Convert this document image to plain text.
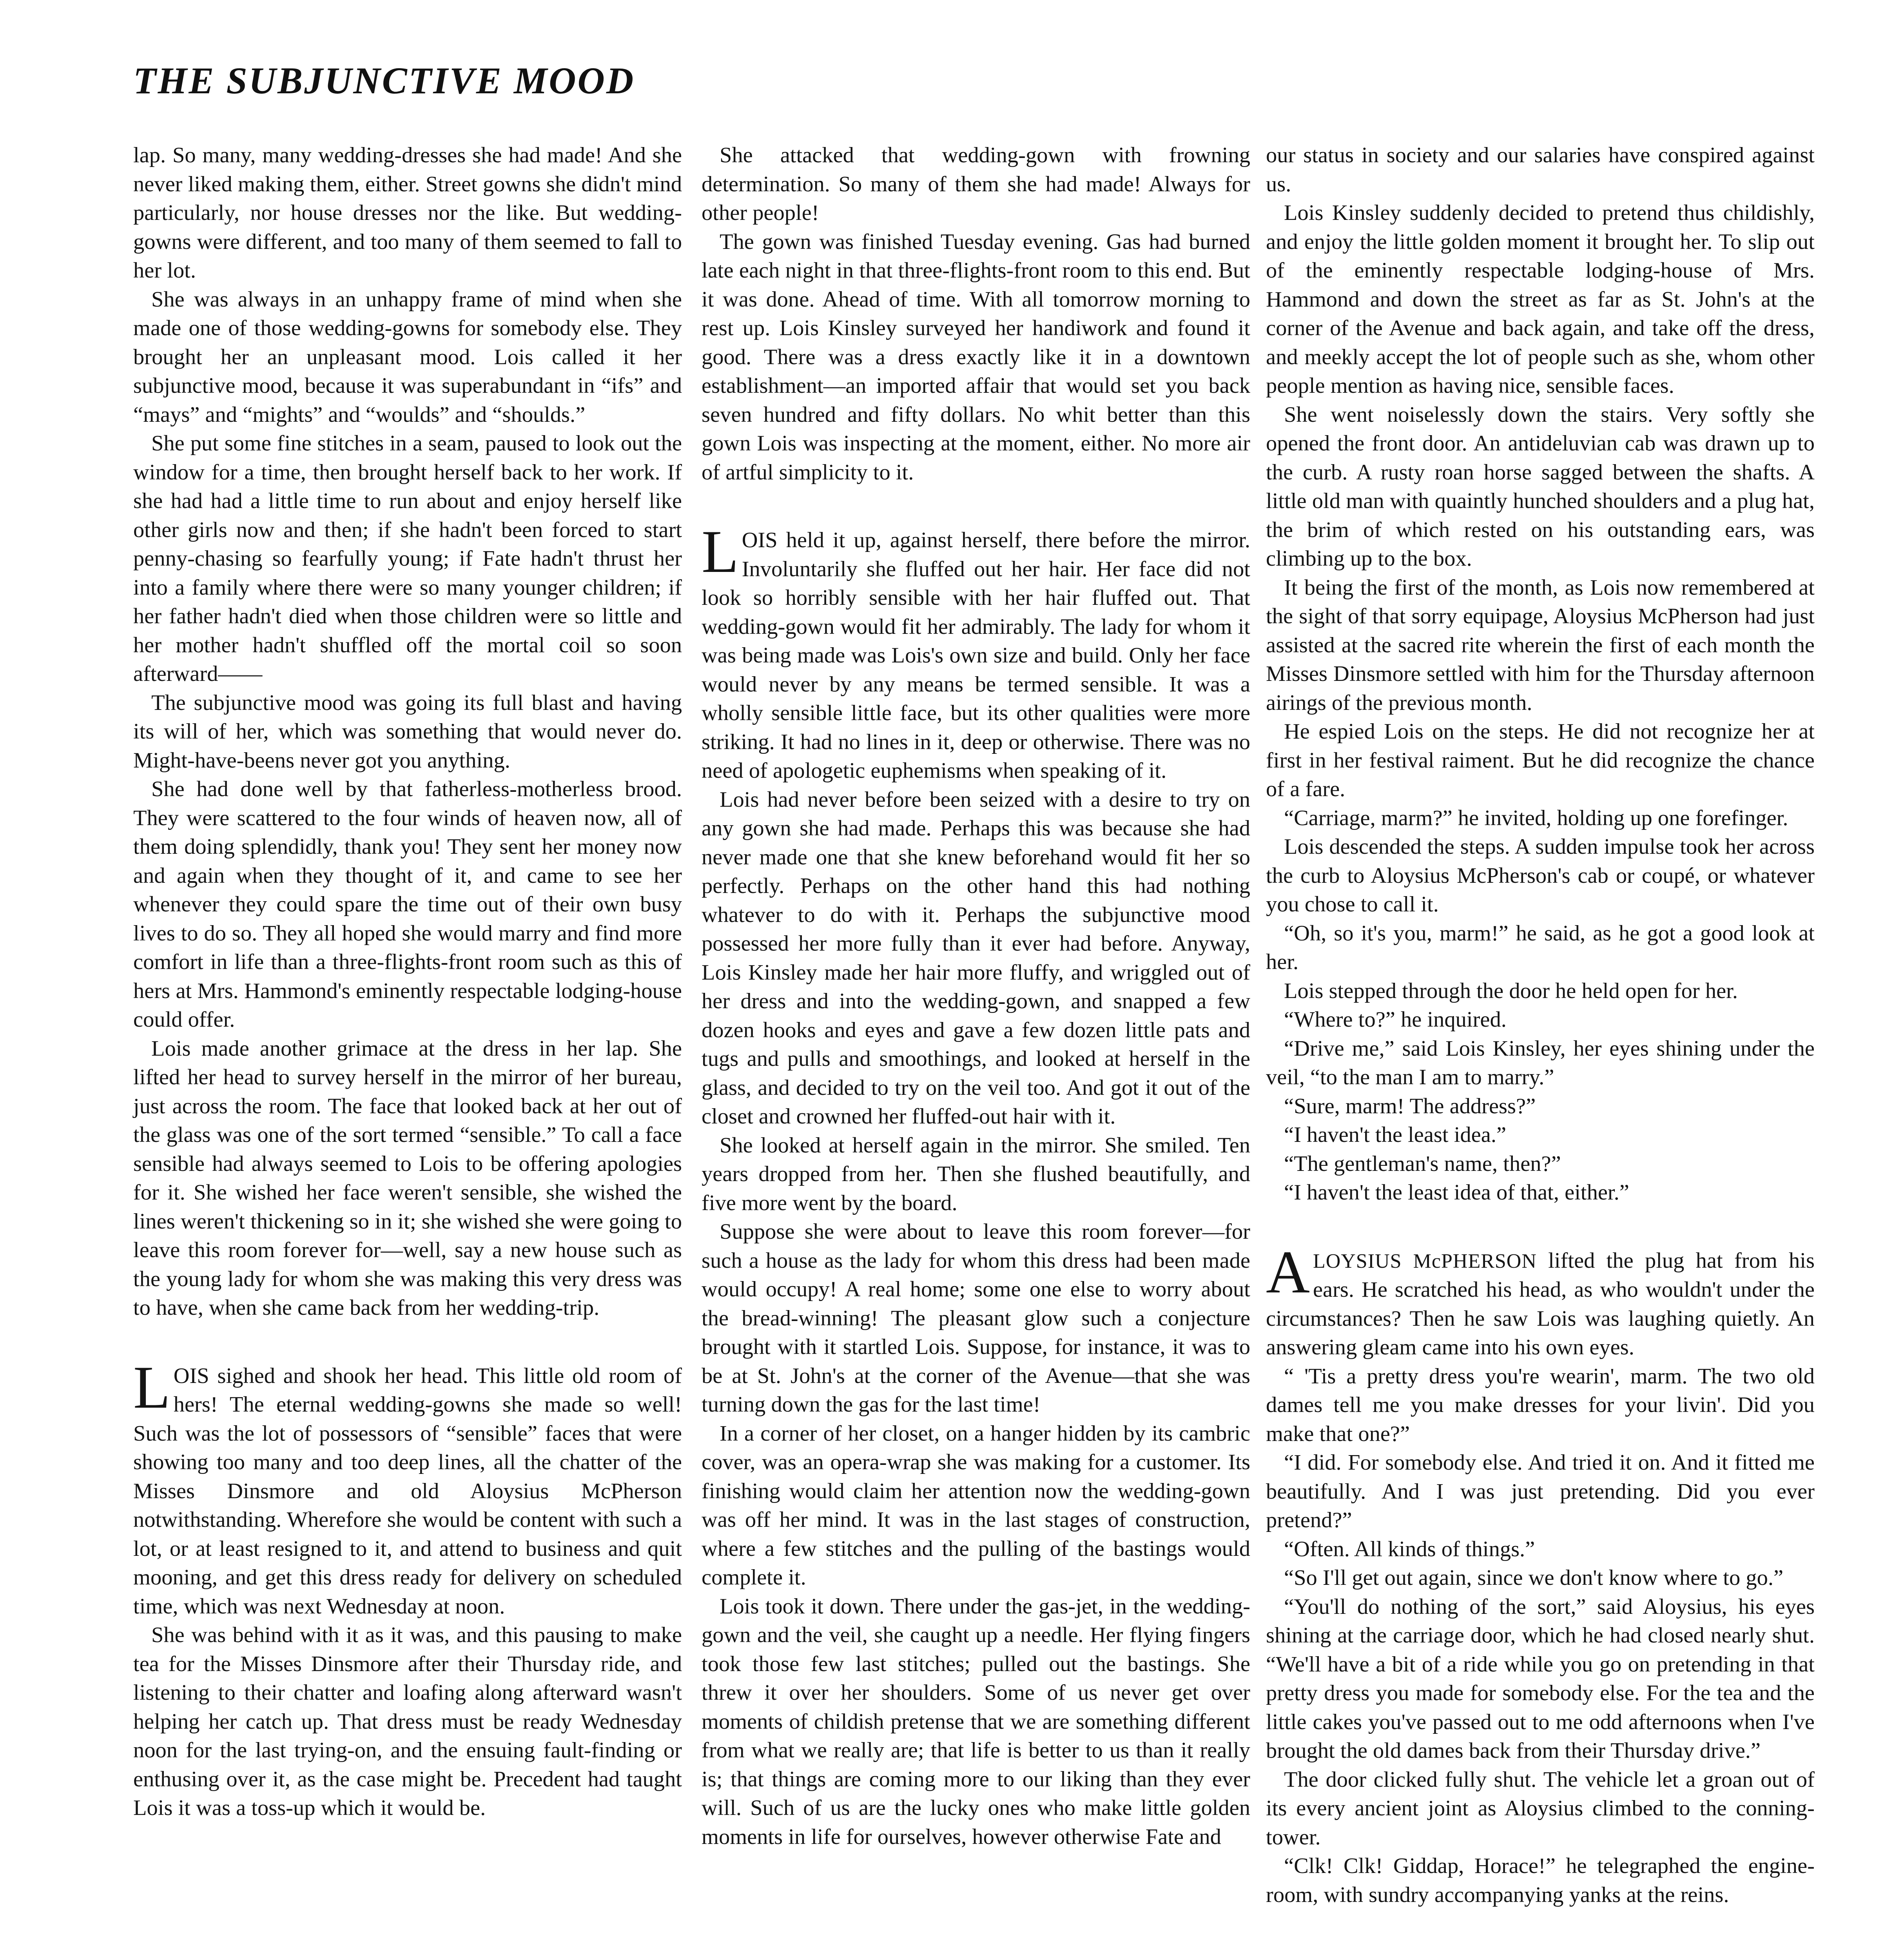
THE SUBJUNCTIVE MOOD

lap. So many, many wedding-dresses she had made! And she never liked making them, either. Street gowns she didn't mind particularly, nor house dresses nor the like. But wedding-gowns were different, and too many of them seemed to fall to her lot.

She was always in an unhappy frame of mind when she made one of those wedding-gowns for somebody else. They brought her an unpleasant mood. Lois called it her subjunctive mood, because it was superabundant in “ifs” and “mays” and “mights” and “woulds” and “shoulds.”

She put some fine stitches in a seam, paused to look out the window for a time, then brought herself back to her work. If she had had a little time to run about and enjoy herself like other girls now and then; if she hadn't been forced to start penny-chasing so fearfully young; if Fate hadn't thrust her into a family where there were so many younger children; if her father hadn't died when those children were so little and her mother hadn't shuffled off the mortal coil so soon afterward——

The subjunctive mood was going its full blast and having its will of her, which was something that would never do. Might-have-beens never got you anything.

She had done well by that fatherless-motherless brood. They were scattered to the four winds of heaven now, all of them doing splendidly, thank you! They sent her money now and again when they thought of it, and came to see her whenever they could spare the time out of their own busy lives to do so. They all hoped she would marry and find more comfort in life than a three-flights-front room such as this of hers at Mrs. Hammond's eminently respectable lodging-house could offer.

Lois made another grimace at the dress in her lap. She lifted her head to survey herself in the mirror of her bureau, just across the room. The face that looked back at her out of the glass was one of the sort termed “sensible.” To call a face sensible had always seemed to Lois to be offering apologies for it. She wished her face weren't sensible, she wished the lines weren't thickening so in it; she wished she were going to leave this room forever for—well, say a new house such as the young lady for whom she was making this very dress was to have, when she came back from her wedding-trip.

LOIS sighed and shook her head. This little old room of hers! The eternal wedding-gowns she made so well! Such was the lot of possessors of “sensible” faces that were showing too many and too deep lines, all the chatter of the Misses Dinsmore and old Aloysius McPherson notwithstanding. Wherefore she would be content with such a lot, or at least resigned to it, and attend to business and quit mooning, and get this dress ready for delivery on scheduled time, which was next Wednesday at noon.

She was behind with it as it was, and this pausing to make tea for the Misses Dinsmore after their Thursday ride, and listening to their chatter and loafing along afterward wasn't helping her catch up. That dress must be ready Wednesday noon for the last trying-on, and the ensuing fault-finding or enthusing over it, as the case might be. Precedent had taught Lois it was a toss-up which it would be.

She attacked that wedding-gown with frowning determination. So many of them she had made! Always for other people!

The gown was finished Tuesday evening. Gas had burned late each night in that three-flights-front room to this end. But it was done. Ahead of time. With all tomorrow morning to rest up. Lois Kinsley surveyed her handiwork and found it good. There was a dress exactly like it in a downtown establishment—an imported affair that would set you back seven hundred and fifty dollars. No whit better than this gown Lois was inspecting at the moment, either. No more air of artful simplicity to it.

LOIS held it up, against herself, there before the mirror. Involuntarily she fluffed out her hair. Her face did not look so horribly sensible with her hair fluffed out. That wedding-gown would fit her admirably. The lady for whom it was being made was Lois's own size and build. Only her face would never by any means be termed sensible. It was a wholly sensible little face, but its other qualities were more striking. It had no lines in it, deep or otherwise. There was no need of apologetic euphemisms when speaking of it.

Lois had never before been seized with a desire to try on any gown she had made. Perhaps this was because she had never made one that she knew beforehand would fit her so perfectly. Perhaps on the other hand this had nothing whatever to do with it. Perhaps the subjunctive mood possessed her more fully than it ever had before. Anyway, Lois Kinsley made her hair more fluffy, and wriggled out of her dress and into the wedding-gown, and snapped a few dozen hooks and eyes and gave a few dozen little pats and tugs and pulls and smoothings, and looked at herself in the glass, and decided to try on the veil too. And got it out of the closet and crowned her fluffed-out hair with it.

She looked at herself again in the mirror. She smiled. Ten years dropped from her. Then she flushed beautifully, and five more went by the board.

Suppose she were about to leave this room forever—for such a house as the lady for whom this dress had been made would occupy! A real home; some one else to worry about the bread-winning! The pleasant glow such a conjecture brought with it startled Lois. Suppose, for instance, it was to be at St. John's at the corner of the Avenue—that she was turning down the gas for the last time!

In a corner of her closet, on a hanger hidden by its cambric cover, was an opera-wrap she was making for a customer. Its finishing would claim her attention now the wedding-gown was off her mind. It was in the last stages of construction, where a few stitches and the pulling of the bastings would complete it.

Lois took it down. There under the gas-jet, in the wedding-gown and the veil, she caught up a needle. Her flying fingers took those few last stitches; pulled out the bastings. She threw it over her shoulders. Some of us never get over moments of childish pretense that we are something different from what we really are; that life is better to us than it really is; that things are coming more to our liking than they ever will. Such of us are the lucky ones who make little golden moments in life for ourselves, however otherwise Fate and

our status in society and our salaries have conspired against us.

Lois Kinsley suddenly decided to pretend thus childishly, and enjoy the little golden moment it brought her. To slip out of the eminently respectable lodging-house of Mrs. Hammond and down the street as far as St. John's at the corner of the Avenue and back again, and take off the dress, and meekly accept the lot of people such as she, whom other people mention as having nice, sensible faces.

She went noiselessly down the stairs. Very softly she opened the front door. An antideluvian cab was drawn up to the curb. A rusty roan horse sagged between the shafts. A little old man with quaintly hunched shoulders and a plug hat, the brim of which rested on his outstanding ears, was climbing up to the box.

It being the first of the month, as Lois now remembered at the sight of that sorry equipage, Aloysius McPherson had just assisted at the sacred rite wherein the first of each month the Misses Dinsmore settled with him for the Thursday afternoon airings of the previous month.

He espied Lois on the steps. He did not recognize her at first in her festival raiment. But he did recognize the chance of a fare.

“Carriage, marm?” he invited, holding up one forefinger.

Lois descended the steps. A sudden impulse took her across the curb to Aloysius McPherson's cab or coupé, or whatever you chose to call it.

“Oh, so it's you, marm!” he said, as he got a good look at her.

Lois stepped through the door he held open for her.

“Where to?” he inquired.

“Drive me,” said Lois Kinsley, her eyes shining under the veil, “to the man I am to marry.”

“Sure, marm! The address?”

“I haven't the least idea.”

“The gentleman's name, then?”

“I haven't the least idea of that, either.”

ALOYSIUS McPHERSON lifted the plug hat from his ears. He scratched his head, as who wouldn't under the circumstances? Then he saw Lois was laughing quietly. An answering gleam came into his own eyes.

“ 'Tis a pretty dress you're wearin', marm. The two old dames tell me you make dresses for your livin'. Did you make that one?”

“I did. For somebody else. And tried it on. And it fitted me beautifully. And I was just pretending. Did you ever pretend?”

“Often. All kinds of things.”

“So I'll get out again, since we don't know where to go.”

“You'll do nothing of the sort,” said Aloysius, his eyes shining at the carriage door, which he had closed nearly shut. “We'll have a bit of a ride while you go on pretending in that pretty dress you made for somebody else. For the tea and the little cakes you've passed out to me odd afternoons when I've brought the old dames back from their Thursday drive.”

The door clicked fully shut. The vehicle let a groan out of its every ancient joint as Aloysius climbed to the conning-tower.

“Clk! Clk! Giddap, Horace!” he telegraphed the engine-room, with sundry accompanying yanks at the reins.
